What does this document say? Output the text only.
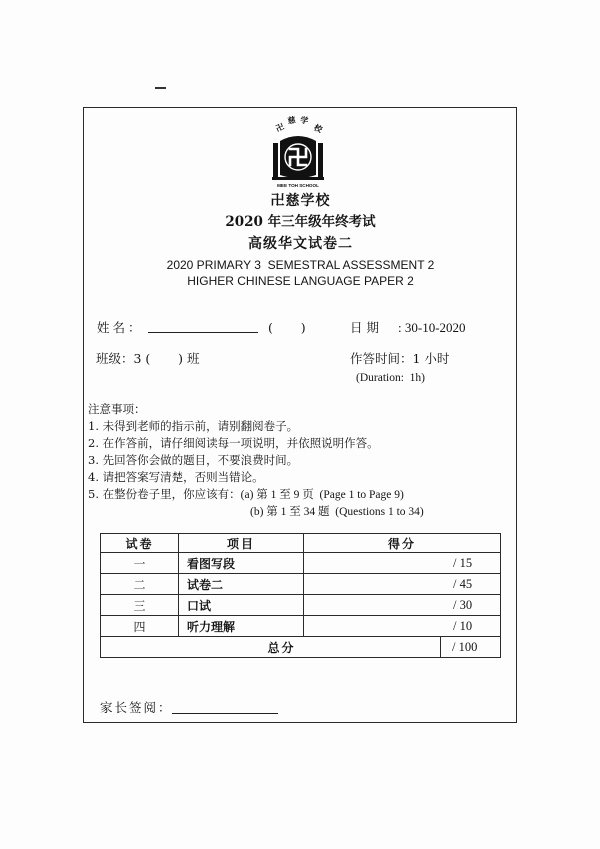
卍
慈 学
校
MEE TOH SCHOOL
卍慈学校
2020 年三年级年终考试
高级华文试卷二
2020 PRIMARY 3  SEMESTRAL ASSESSMENT 2
HIGHER CHINESE LANGUAGE PAPER 2
姓名：	(       )	日期 : 30-10-2020
班级：3 (       ) 班	作答时间：1 小时
(Duration:  1h)
注意事项：
1. 未得到老师的指示前，请别翻阅卷子。
2. 在作答前，请仔细阅读每一项说明，并依照说明作答。
3. 先回答你会做的题目，不要浪费时间。
4. 请把答案写清楚，否则当错论。
5. 在整份卷子里，你应该有：(a) 第 1 至 9 页  (Page 1 to Page 9)
(b) 第 1 至 34 题  (Questions 1 to 34)
试卷	项目	得分	
一	看图写段	/ 15	
二	试卷二	/ 45	
三	口试	/ 30	
四	听力理解	/ 10	
总分			/ 100
家长签阅：
